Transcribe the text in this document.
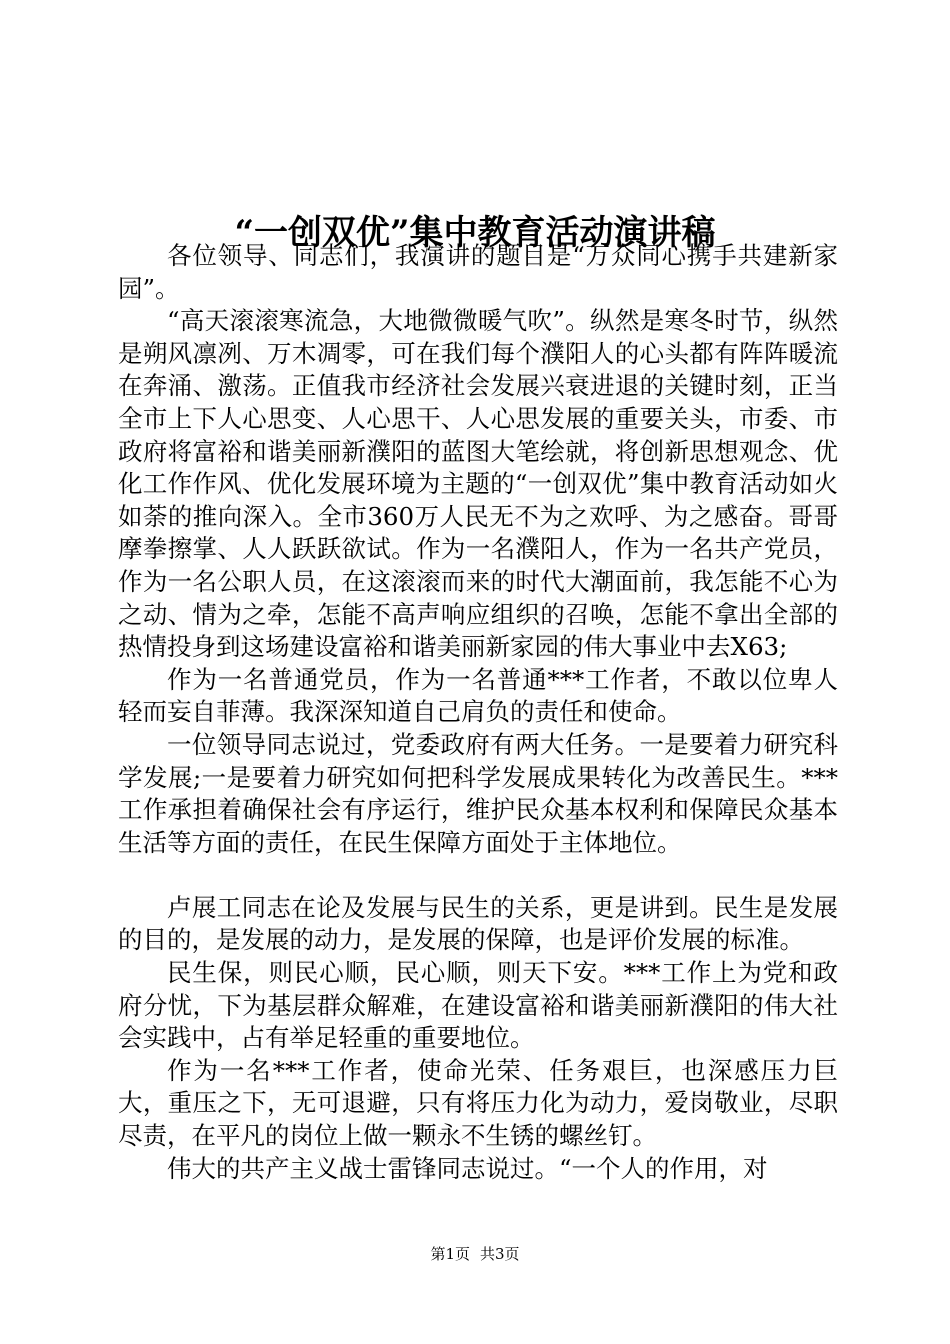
“一创双优”集中教育活动演讲稿

各位领导、同志们，我演讲的题目是“万众同心携手共建新家园”。

“高天滚滚寒流急，大地微微暖气吹”。纵然是寒冬时节，纵然是朔风凛冽、万木凋零，可在我们每个濮阳人的心头都有阵阵暖流在奔涌、激荡。正值我市经济社会发展兴衰进退的关键时刻，正当全市上下人心思变、人心思干、人心思发展的重要关头，市委、市政府将富裕和谐美丽新濮阳的蓝图大笔绘就，将创新思想观念、优化工作作风、优化发展环境为主题的“一创双优”集中教育活动如火如荼的推向深入。全市360万人民无不为之欢呼、为之感奋。哥哥摩拳擦掌、人人跃跃欲试。作为一名濮阳人，作为一名共产党员，作为一名公职人员，在这滚滚而来的时代大潮面前，我怎能不心为之动、情为之牵，怎能不高声响应组织的召唤，怎能不拿出全部的热情投身到这场建设富裕和谐美丽新家园的伟大事业中去X63;

作为一名普通党员，作为一名普通***工作者，不敢以位卑人轻而妄自菲薄。我深深知道自己肩负的责任和使命。

一位领导同志说过，党委政府有两大任务。一是要着力研究科学发展;一是要着力研究如何把科学发展成果转化为改善民生。***工作承担着确保社会有序运行，维护民众基本权利和保障民众基本生活等方面的责任，在民生保障方面处于主体地位。

卢展工同志在论及发展与民生的关系，更是讲到。民生是发展的目的，是发展的动力，是发展的保障，也是评价发展的标准。

民生保，则民心顺，民心顺，则天下安。***工作上为党和政府分忧，下为基层群众解难，在建设富裕和谐美丽新濮阳的伟大社会实践中，占有举足轻重的重要地位。

作为一名***工作者，使命光荣、任务艰巨，也深感压力巨大，重压之下，无可退避，只有将压力化为动力，爱岗敬业，尽职尽责，在平凡的岗位上做一颗永不生锈的螺丝钉。

伟大的共产主义战士雷锋同志说过。“一个人的作用，对

第1页 共3页
